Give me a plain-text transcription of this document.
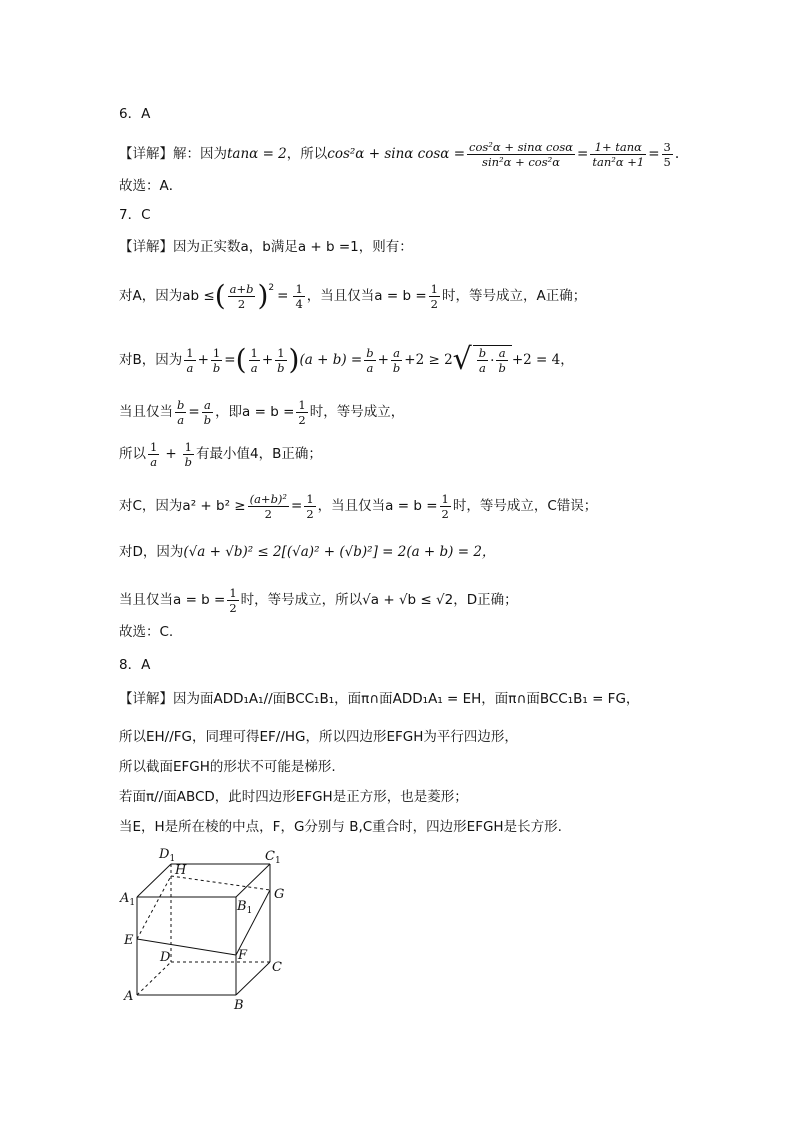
6．A
【详解】解：因为 tanα = 2 ，所以 cos²α + sinα $\cos\alpha = \frac{\text{cos²α + sinα cosα}}{\text{sin²α + cos²α}} = \frac{1+ \tan\alpha}{\text{tan²α +1}} = \frac{3}{5}$ .
故选：A．
7．C
【详解】因为正实数a，b满足a + b =1，则有：
对A，因为ab ≤ ( $\frac{a+b}{2}$ ) $2 = \frac{1}{4}$ ，当且仅当$a = b = \frac{1}{2}$ 时，等号成立，A正确；
对B，因为 $\frac{1}{a} + \frac{1}{b}$ = ( $\frac{1}{a} + \frac{1}{b}$ ) $(a + b) = \frac{b}{a} + \frac{a}{b} +2 \ge 2$ √ $\frac{b}{a} \cdot \frac{a}{b} +2 = 4$，
当且仅当 $\frac{b}{a} = \frac{a}{b}$ ，即$a = b = \frac{1}{2}$ 时，等号成立，
所以 $\frac{1}{a} + \frac{1}{b}$ 有最小值4，B正确；
对C，因为$a^2 + b^2 \ge \frac{\text{(a+b)²}}{2} = \frac{1}{2}$ ，当且仅当$a = b = \frac{1}{2}$ 时，等号成立，C错误；
对D，因为(√a + √b)² ≤ 2[(√a)² + (√b)²] = 2(a + b) = 2，
当且仅当$a = b = \frac{1}{2}$ 时，等号成立，所以√a + √b ≤ √2，D正确；
故选：C.
8．A
【详解】因为面ADD₁A₁//面BCC₁B₁，面π∩面ADD₁A₁ = EH，面π∩面BCC₁B₁ = FG，
所以EH//FG，同理可得EF//HG，所以四边形EFGH为平行四边形，
所以截面EFGH的形状不可能是梯形.
若面π//面ABCD，此时四边形EFGH是正方形，也是菱形；
当E，H是所在棱的中点，F，G分别与 B,C重合时，四边形EFGH是长方形.
$D_1$	$C_1$
H
G
$A_1$	$B_1$
E
F
D
C
A
B
